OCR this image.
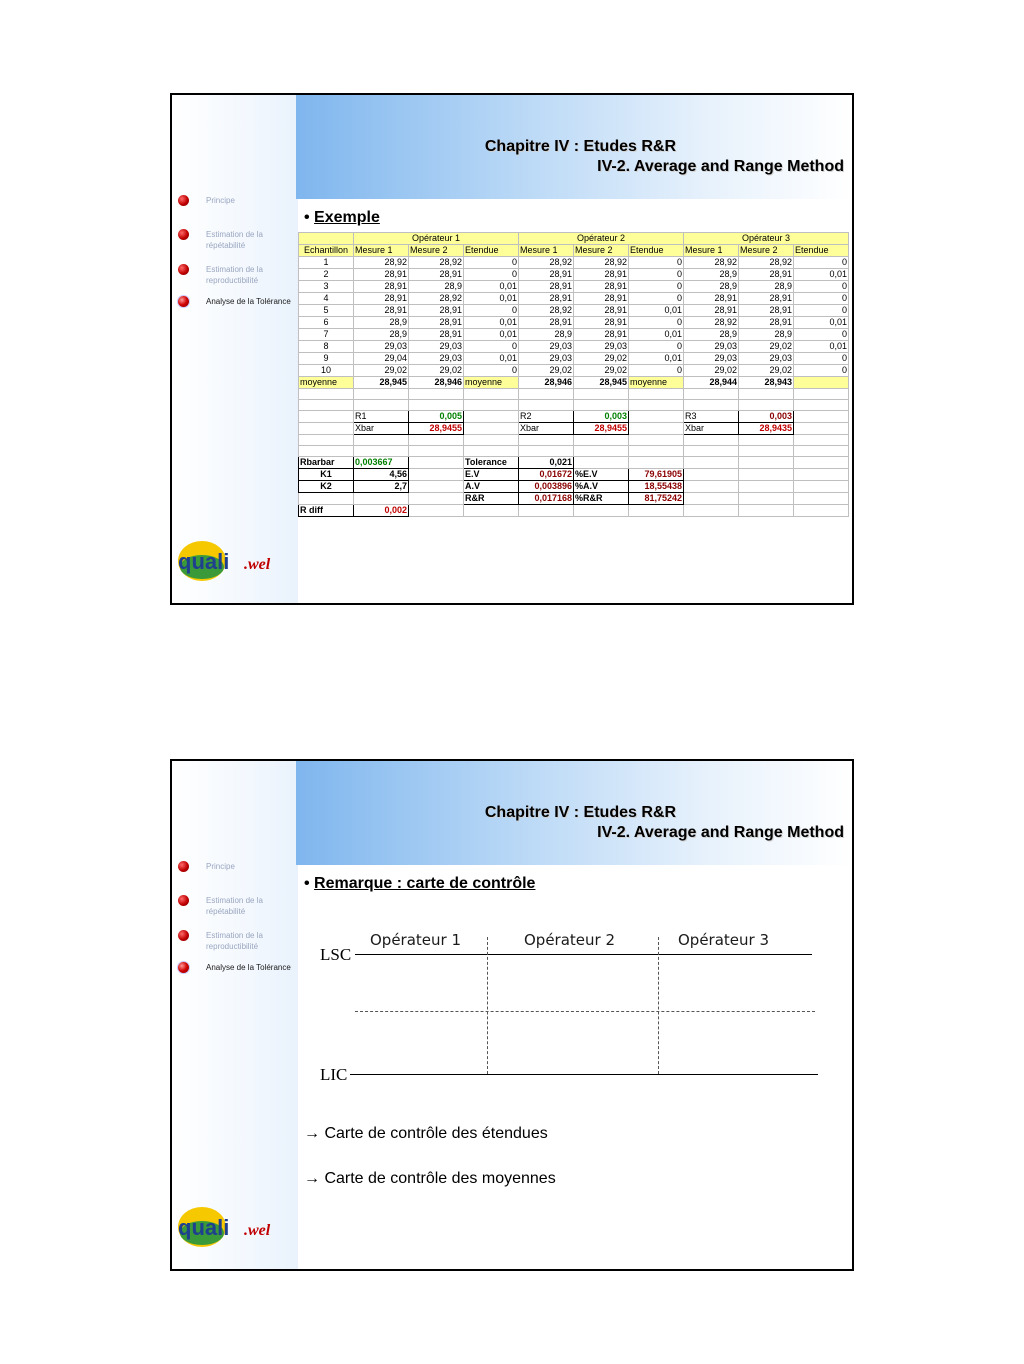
Chapitre IV : Etudes R&R
IV-2. Average and Range Method
Principe
Estimation de la répétabilité
Estimation de la reproductibilité
Analyse de la Tolérance
• Exemple
	Opérateur 1			Opérateur 2			Opérateur 3		
Echantillon	Mesure 1	Mesure 2	Etendue	Mesure 1	Mesure 2	Etendue	Mesure 1	Mesure 2	Etendue
1	28,92	28,92	0	28,92	28,92	0	28,92	28,92	0
2	28,91	28,91	0	28,91	28,91	0	28,9	28,91	0,01
3	28,91	28,9	0,01	28,91	28,91	0	28,9	28,9	0
4	28,91	28,92	0,01	28,91	28,91	0	28,91	28,91	0
5	28,91	28,91	0	28,92	28,91	0,01	28,91	28,91	0
6	28,9	28,91	0,01	28,91	28,91	0	28,92	28,91	0,01
7	28,9	28,91	0,01	28,9	28,91	0,01	28,9	28,9	0
8	29,03	29,03	0	29,03	29,03	0	29,03	29,02	0,01
9	29,04	29,03	0,01	29,03	29,02	0,01	29,03	29,03	0
10	29,02	29,02	0	29,02	29,02	0	29,02	29,02	0
moyenne	28,945	28,946	moyenne	28,946	28,945	moyenne	28,944	28,943	

	R1	0,005		R2	0,003		R3	0,003	
	Xbar	28,9455		Xbar	28,9455		Xbar	28,9435	

Rbarbar	0,003667		Tolerance	0,021					
K1	4,56		E.V	0,01672	%E.V	79,61905			
K2	2,7		A.V	0,003896	%A.V	18,55438			
			R&R	0,017168	%R&R	81,75242			
R diff	0,002								
quali .wel
Chapitre IV : Etudes R&R
IV-2. Average and Range Method
Principe
Estimation de la répétabilité
Estimation de la reproductibilité
Analyse de la Tolérance
• Remarque : carte de contrôle
Opérateur 1	Opérateur 2	Opérateur 3
LSC
LIC
→ Carte de contrôle des étendues
→ Carte de contrôle des moyennes
quali .wel
